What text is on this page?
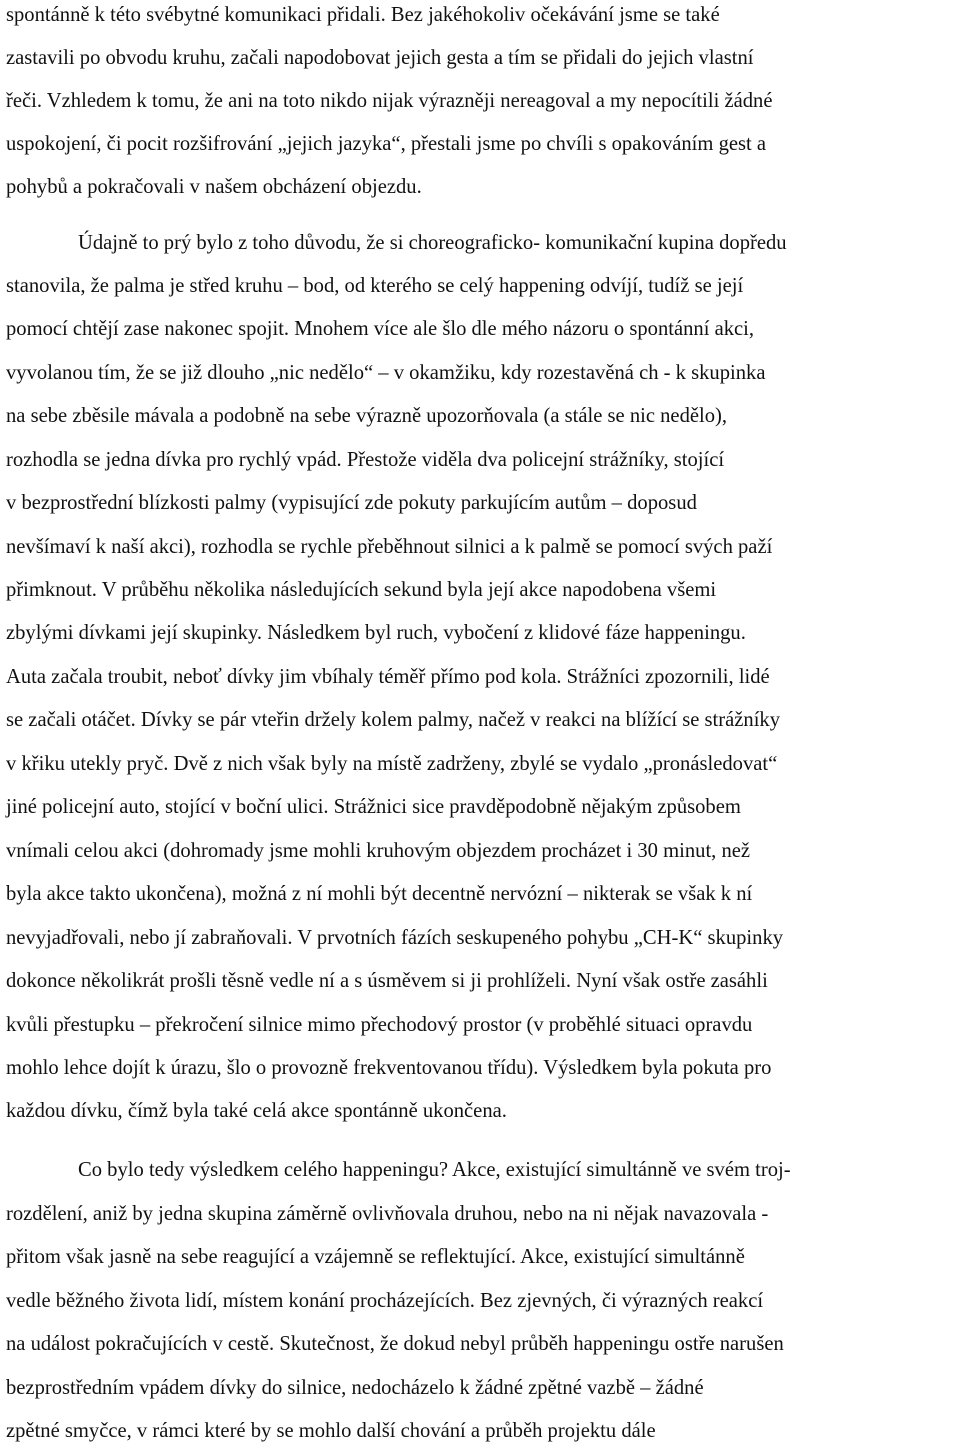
spontánně k této svébytné komunikaci přidali. Bez jakéhokoliv očekávání jsme se také
zastavili po obvodu kruhu, začali napodobovat jejich gesta a tím se přidali do jejich vlastní
řeči. Vzhledem k tomu, že ani na toto nikdo nijak výrazněji nereagoval a my nepocítili žádné
uspokojení, či pocit rozšifrování „jejich jazyka“, přestali jsme po chvíli s opakováním gest a
pohybů a pokračovali v našem obcházení objezdu.
Údajně to prý bylo z toho důvodu, že si choreograficko- komunikační kupina dopředu
stanovila, že palma je střed kruhu – bod, od kterého se celý happening odvíjí, tudíž se její
pomocí chtějí zase nakonec spojit. Mnohem více ale šlo dle mého názoru o spontánní akci,
vyvolanou tím, že se již dlouho „nic nedělo“ – v okamžiku, kdy rozestavěná ch - k skupinka
na sebe zběsile mávala a podobně na sebe výrazně upozorňovala (a stále se nic nedělo),
rozhodla se jedna dívka pro rychlý vpád. Přestože viděla dva policejní strážníky, stojící
v bezprostřední blízkosti palmy (vypisující zde pokuty parkujícím autům – doposud
nevšímaví k naší akci), rozhodla se rychle přeběhnout silnici a k palmě se pomocí svých paží
přimknout. V průběhu několika následujících sekund byla její akce napodobena všemi
zbylými dívkami její skupinky. Následkem byl ruch, vybočení z klidové fáze happeningu.
Auta začala troubit, neboť dívky jim vbíhaly téměř přímo pod kola. Strážníci zpozornili, lidé
se začali otáčet. Dívky se pár vteřin držely kolem palmy, načež v reakci na blížící se strážníky
v křiku utekly pryč. Dvě z nich však byly na místě zadrženy, zbylé se vydalo „pronásledovat“
jiné policejní auto, stojící v boční ulici. Strážnici sice pravděpodobně nějakým způsobem
vnímali celou akci (dohromady jsme mohli kruhovým objezdem procházet i 30 minut, než
byla akce takto ukončena), možná z ní mohli být decentně nervózní – nikterak se však k ní
nevyjadřovali, nebo jí zabraňovali. V prvotních fázích seskupeného pohybu „CH-K“ skupinky
dokonce několikrát prošli těsně vedle ní a s úsměvem si ji prohlíželi. Nyní však ostře zasáhli
kvůli přestupku – překročení silnice mimo přechodový prostor (v proběhlé situaci opravdu
mohlo lehce dojít k úrazu, šlo o provozně frekventovanou třídu). Výsledkem byla pokuta pro
každou dívku, čímž byla také celá akce spontánně ukončena.
Co bylo tedy výsledkem celého happeningu? Akce, existující simultánně ve svém troj-
rozdělení, aniž by jedna skupina záměrně ovlivňovala druhou, nebo na ni nějak navazovala -
přitom však jasně na sebe reagující a vzájemně se reflektující. Akce, existující simultánně
vedle běžného života lidí, místem konání procházejících. Bez zjevných, či výrazných reakcí
na událost pokračujících v cestě. Skutečnost, že dokud nebyl průběh happeningu ostře narušen
bezprostředním vpádem dívky do silnice, nedocházelo k žádné zpětné vazbě – žádné
zpětné smyčce, v rámci které by se mohlo další chování a průběh projektu dále
